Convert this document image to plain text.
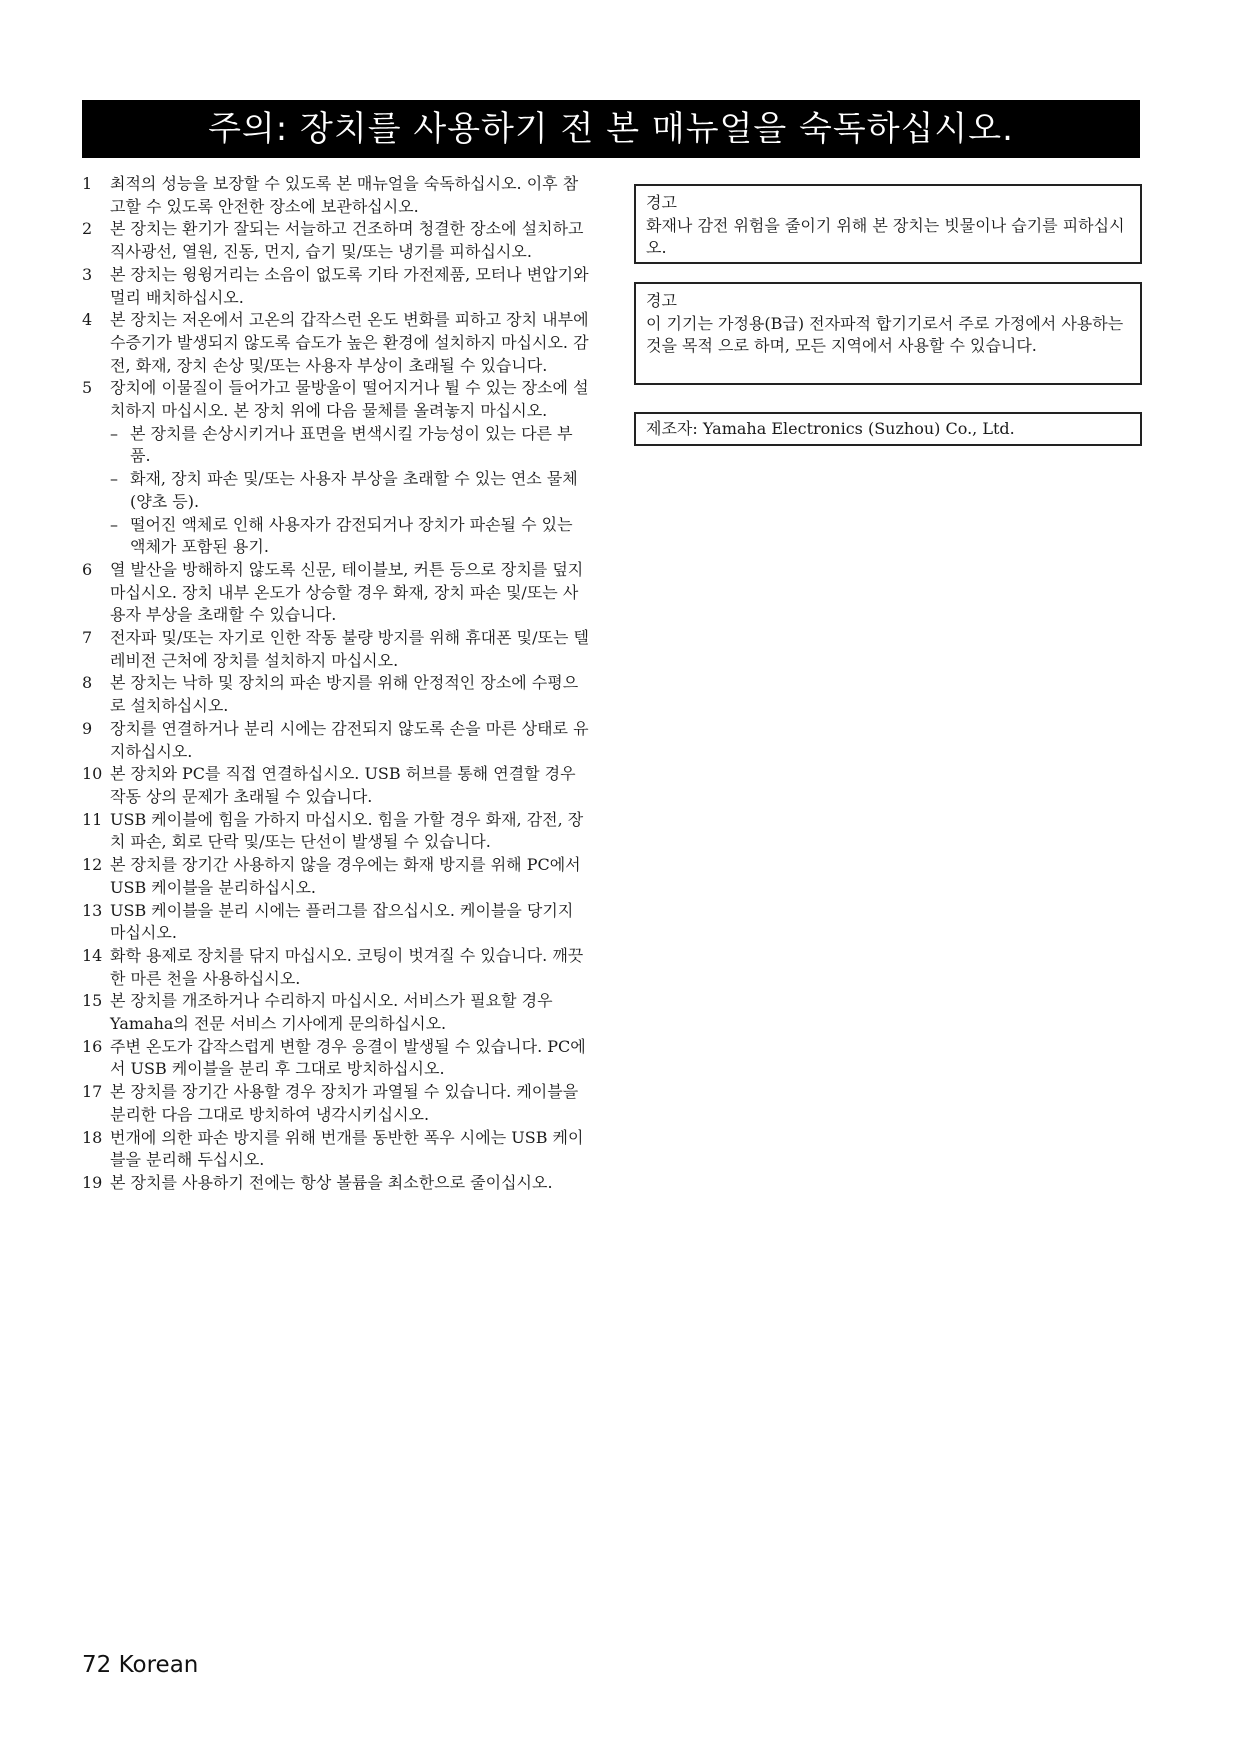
주의: 장치를 사용하기 전 본 매뉴얼을 숙독하십시오.
1	최적의 성능을 보장할 수 있도록 본 매뉴얼을 숙독하십시오. 이후 참고할 수 있도록 안전한 장소에 보관하십시오.
2	본 장치는 환기가 잘되는 서늘하고 건조하며 청결한 장소에 설치하고 직사광선, 열원, 진동, 먼지, 습기 및/또는 냉기를 피하십시오.
3	본 장치는 윙윙거리는 소음이 없도록 기타 가전제품, 모터나 변압기와 멀리 배치하십시오.
4	본 장치는 저온에서 고온의 갑작스런 온도 변화를 피하고 장치 내부에 수증기가 발생되지 않도록 습도가 높은 환경에 설치하지 마십시오. 감전, 화재, 장치 손상 및/또는 사용자 부상이 초래될 수 있습니다.
5	장치에 이물질이 들어가고 물방울이 떨어지거나 튈 수 있는 장소에 설치하지 마십시오. 본 장치 위에 다음 물체를 올려놓지 마십시오.
– 본 장치를 손상시키거나 표면을 변색시킬 가능성이 있는 다른 부품.
– 화재, 장치 파손 및/또는 사용자 부상을 초래할 수 있는 연소 물체(양초 등).
– 떨어진 액체로 인해 사용자가 감전되거나 장치가 파손될 수 있는 액체가 포함된 용기.
6	열 발산을 방해하지 않도록 신문, 테이블보, 커튼 등으로 장치를 덮지 마십시오. 장치 내부 온도가 상승할 경우 화재, 장치 파손 및/또는 사용자 부상을 초래할 수 있습니다.
7	전자파 및/또는 자기로 인한 작동 불량 방지를 위해 휴대폰 및/또는 텔레비전 근처에 장치를 설치하지 마십시오.
8	본 장치는 낙하 및 장치의 파손 방지를 위해 안정적인 장소에 수평으로 설치하십시오.
9	장치를 연결하거나 분리 시에는 감전되지 않도록 손을 마른 상태로 유지하십시오.
10 본 장치와 PC를 직접 연결하십시오. USB 허브를 통해 연결할 경우 작동 상의 문제가 초래될 수 있습니다.
11 USB 케이블에 힘을 가하지 마십시오. 힘을 가할 경우 화재, 감전, 장치 파손, 회로 단락 및/또는 단선이 발생될 수 있습니다.
12 본 장치를 장기간 사용하지 않을 경우에는 화재 방지를 위해 PC에서 USB 케이블을 분리하십시오.
13 USB 케이블을 분리 시에는 플러그를 잡으십시오. 케이블을 당기지 마십시오.
14 화학 용제로 장치를 닦지 마십시오. 코팅이 벗겨질 수 있습니다. 깨끗한 마른 천을 사용하십시오.
15 본 장치를 개조하거나 수리하지 마십시오. 서비스가 필요할 경우 Yamaha의 전문 서비스 기사에게 문의하십시오.
16 주변 온도가 갑작스럽게 변할 경우 응결이 발생될 수 있습니다. PC에서 USB 케이블을 분리 후 그대로 방치하십시오.
17 본 장치를 장기간 사용할 경우 장치가 과열될 수 있습니다. 케이블을 분리한 다음 그대로 방치하여 냉각시키십시오.
18 번개에 의한 파손 방지를 위해 번개를 동반한 폭우 시에는 USB 케이블을 분리해 두십시오.
19 본 장치를 사용하기 전에는 항상 볼륨을 최소한으로 줄이십시오.
경고
화재나 감전 위험을 줄이기 위해 본 장치는 빗물이나 습기를 피하십시오.
경고
이 기기는 가정용(B급) 전자파적 합기기로서 주로 가정에서 사용하는 것을 목적 으로 하며, 모든 지역에서 사용할 수 있습니다.
제조자: Yamaha Electronics (Suzhou) Co., Ltd.
72 Korean
